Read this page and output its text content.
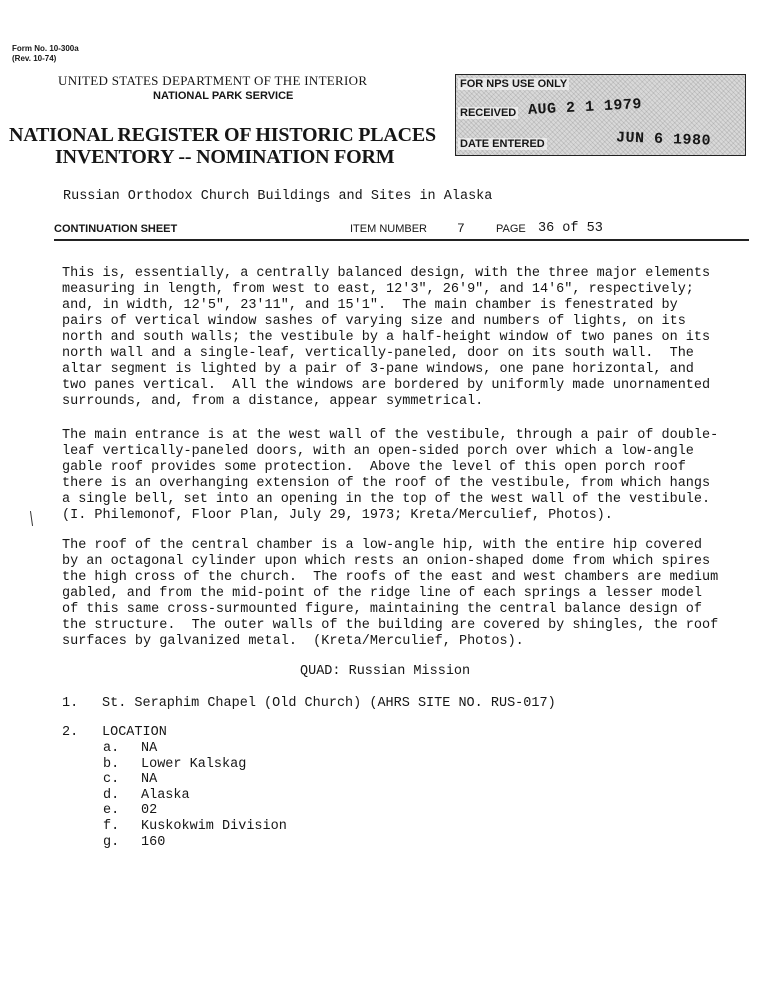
Form No. 10-300a
(Rev. 10-74)
UNITED STATES DEPARTMENT OF THE INTERIOR
NATIONAL PARK SERVICE
NATIONAL REGISTER OF HISTORIC PLACES
INVENTORY -- NOMINATION FORM
FOR NPS USE ONLY
RECEIVED AUG 2 1 1979
DATE ENTERED	JUN 6 1980
Russian Orthodox Church Buildings and Sites in Alaska
CONTINUATION SHEET	ITEM NUMBER 7	PAGE 36 of 53
This is, essentially, a centrally balanced design, with the three major elements
measuring in length, from west to east, 12'3", 26'9", and 14'6", respectively;
and, in width, 12'5", 23'11", and 15'1".  The main chamber is fenestrated by
pairs of vertical window sashes of varying size and numbers of lights, on its
north and south walls; the vestibule by a half-height window of two panes on its
north wall and a single-leaf, vertically-paneled, door on its south wall.  The
altar segment is lighted by a pair of 3-pane windows, one pane horizontal, and
two panes vertical.  All the windows are bordered by uniformly made unornamented
surrounds, and, from a distance, appear symmetrical.
The main entrance is at the west wall of the vestibule, through a pair of double-
leaf vertically-paneled doors, with an open-sided porch over which a low-angle
gable roof provides some protection.  Above the level of this open porch roof
there is an overhanging extension of the roof of the vestibule, from which hangs
a single bell, set into an opening in the top of the west wall of the vestibule.
(I. Philemonof, Floor Plan, July 29, 1973; Kreta/Merculief, Photos).
The roof of the central chamber is a low-angle hip, with the entire hip covered
by an octagonal cylinder upon which rests an onion-shaped dome from which spires
the high cross of the church.  The roofs of the east and west chambers are medium
gabled, and from the mid-point of the ridge line of each springs a lesser model
of this same cross-surmounted figure, maintaining the central balance design of
the structure.  The outer walls of the building are covered by shingles, the roof
surfaces by galvanized metal.  (Kreta/Merculief, Photos).
QUAD: Russian Mission
1. St. Seraphim Chapel (Old Church) (AHRS SITE NO. RUS-017)
2. LOCATION
a. NA
b. Lower Kalskag
c. NA
d. Alaska
e. 02
f. Kuskokwim Division
g. 160
